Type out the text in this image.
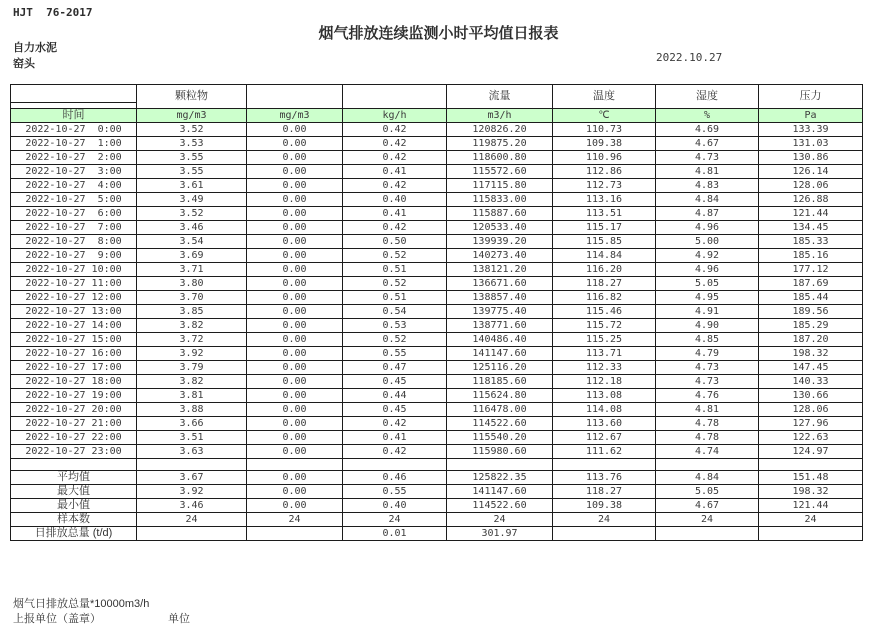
HJT  76-2017
烟气排放连续监测小时平均值日报表
自力水泥
窑头	2022.10.27
	颗粒物			流量	温度	湿度	压力

时间	mg/m3	mg/m3	kg/h	m3/h	℃	%	Pa
2022-10-27  0:00	3.52	0.00	0.42	120826.20	110.73	4.69	133.39
2022-10-27  1:00	3.53	0.00	0.42	119875.20	109.38	4.67	131.03
2022-10-27  2:00	3.55	0.00	0.42	118600.80	110.96	4.73	130.86
2022-10-27  3:00	3.55	0.00	0.41	115572.60	112.86	4.81	126.14
2022-10-27  4:00	3.61	0.00	0.42	117115.80	112.73	4.83	128.06
2022-10-27  5:00	3.49	0.00	0.40	115833.00	113.16	4.84	126.88
2022-10-27  6:00	3.52	0.00	0.41	115887.60	113.51	4.87	121.44
2022-10-27  7:00	3.46	0.00	0.42	120533.40	115.17	4.96	134.45
2022-10-27  8:00	3.54	0.00	0.50	139939.20	115.85	5.00	185.33
2022-10-27  9:00	3.69	0.00	0.52	140273.40	114.84	4.92	185.16
2022-10-27 10:00	3.71	0.00	0.51	138121.20	116.20	4.96	177.12
2022-10-27 11:00	3.80	0.00	0.52	136671.60	118.27	5.05	187.69
2022-10-27 12:00	3.70	0.00	0.51	138857.40	116.82	4.95	185.44
2022-10-27 13:00	3.85	0.00	0.54	139775.40	115.46	4.91	189.56
2022-10-27 14:00	3.82	0.00	0.53	138771.60	115.72	4.90	185.29
2022-10-27 15:00	3.72	0.00	0.52	140486.40	115.25	4.85	187.20
2022-10-27 16:00	3.92	0.00	0.55	141147.60	113.71	4.79	198.32
2022-10-27 17:00	3.79	0.00	0.47	125116.20	112.33	4.73	147.45
2022-10-27 18:00	3.82	0.00	0.45	118185.60	112.18	4.73	140.33
2022-10-27 19:00	3.81	0.00	0.44	115624.80	113.08	4.76	130.66
2022-10-27 20:00	3.88	0.00	0.45	116478.00	114.08	4.81	128.06
2022-10-27 21:00	3.66	0.00	0.42	114522.60	113.60	4.78	127.96
2022-10-27 22:00	3.51	0.00	0.41	115540.20	112.67	4.78	122.63
2022-10-27 23:00	3.63	0.00	0.42	115980.60	111.62	4.74	124.97

平均值	3.67	0.00	0.46	125822.35	113.76	4.84	151.48
最大值	3.92	0.00	0.55	141147.60	118.27	5.05	198.32
最小值	3.46	0.00	0.40	114522.60	109.38	4.67	121.44
样本数	24	24	24	24	24	24	24
日排放总量 (t/d)			0.01	301.97			
烟气日排放总量*10000m3/h
上报单位（盖章）	单位
